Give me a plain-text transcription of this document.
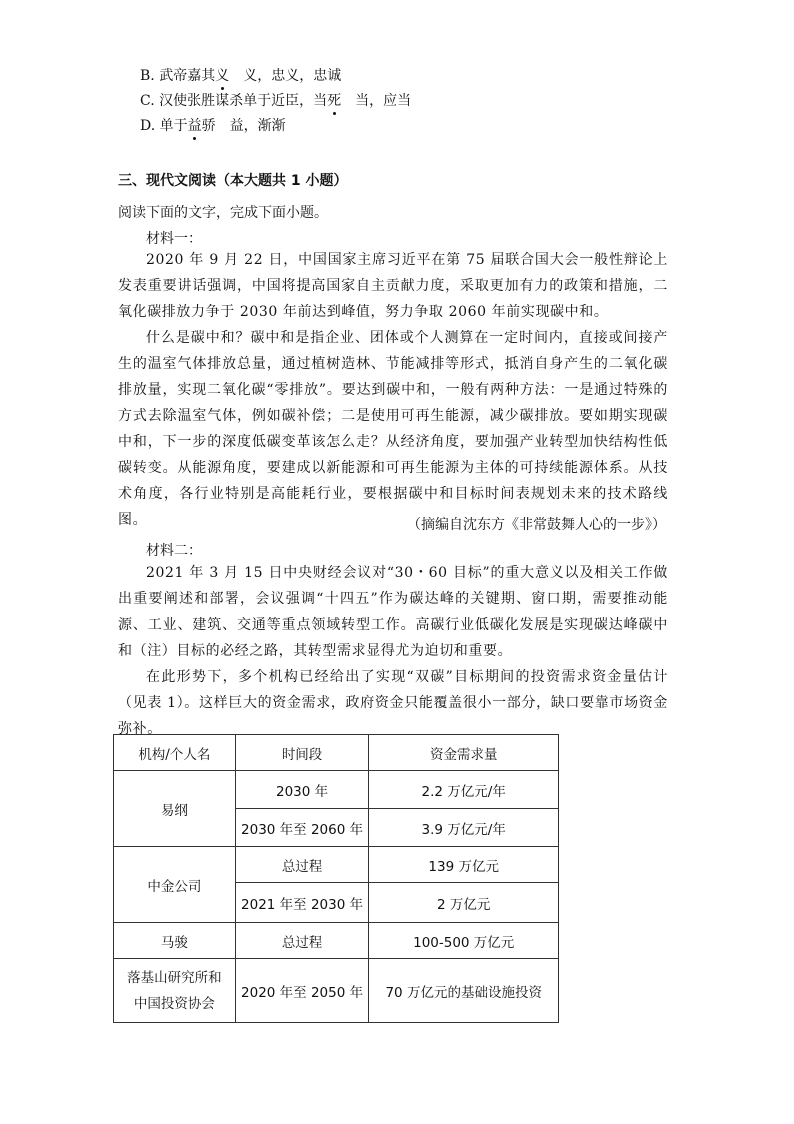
B. 武帝嘉其义　义，忠义，忠诚
C. 汉使张胜谋杀单于近臣，当死　当，应当
D. 单于益骄　益，渐渐
三、现代文阅读（本大题共 1 小题）
阅读下面的文字，完成下面小题。
材料一：

2020 年 9 月 22 日，中国国家主席习近平在第 75 届联合国大会一般性辩论上发表重要讲话强调，中国将提高国家自主贡献力度，采取更加有力的政策和措施，二氧化碳排放力争于 2030 年前达到峰值，努力争取 2060 年前实现碳中和。

什么是碳中和？碳中和是指企业、团体或个人测算在一定时间内，直接或间接产生的温室气体排放总量，通过植树造林、节能减排等形式，抵消自身产生的二氧化碳排放量，实现二氧化碳“零排放”。要达到碳中和，一般有两种方法：一是通过特殊的方式去除温室气体，例如碳补偿；二是使用可再生能源，减少碳排放。要如期实现碳中和，下一步的深度低碳变革该怎么走？从经济角度，要加强产业转型加快结构性低碳转变。从能源角度，要建成以新能源和可再生能源为主体的可持续能源体系。从技术角度，各行业特别是高能耗行业，要根据碳中和目标时间表规划未来的技术路线图。	（摘编自沈东方《非常鼓舞人心的一步》）
材料二：

2021 年 3 月 15 日中央财经会议对“30・60 目标”的重大意义以及相关工作做出重要阐述和部署，会议强调“十四五”作为碳达峰的关键期、窗口期，需要推动能源、工业、建筑、交通等重点领域转型工作。高碳行业低碳化发展是实现碳达峰碳中和（注）目标的必经之路，其转型需求显得尤为迫切和重要。

在此形势下，多个机构已经给出了实现“双碳”目标期间的投资需求资金量估计（见表 1）。这样巨大的资金需求，政府资金只能覆盖很小一部分，缺口要靠市场资金弥补。

机构/个人名	时间段	资金需求量
易纲	2030 年	2.2 万亿元/年
	2030 年至 2060 年	3.9 万亿元/年
中金公司	总过程	139 万亿元
	2021 年至 2030 年	2 万亿元
马骏	总过程	100-500 万亿元
落基山研究所和
中国投资协会	2020 年至 2050 年	70 万亿元的基础设施投资
